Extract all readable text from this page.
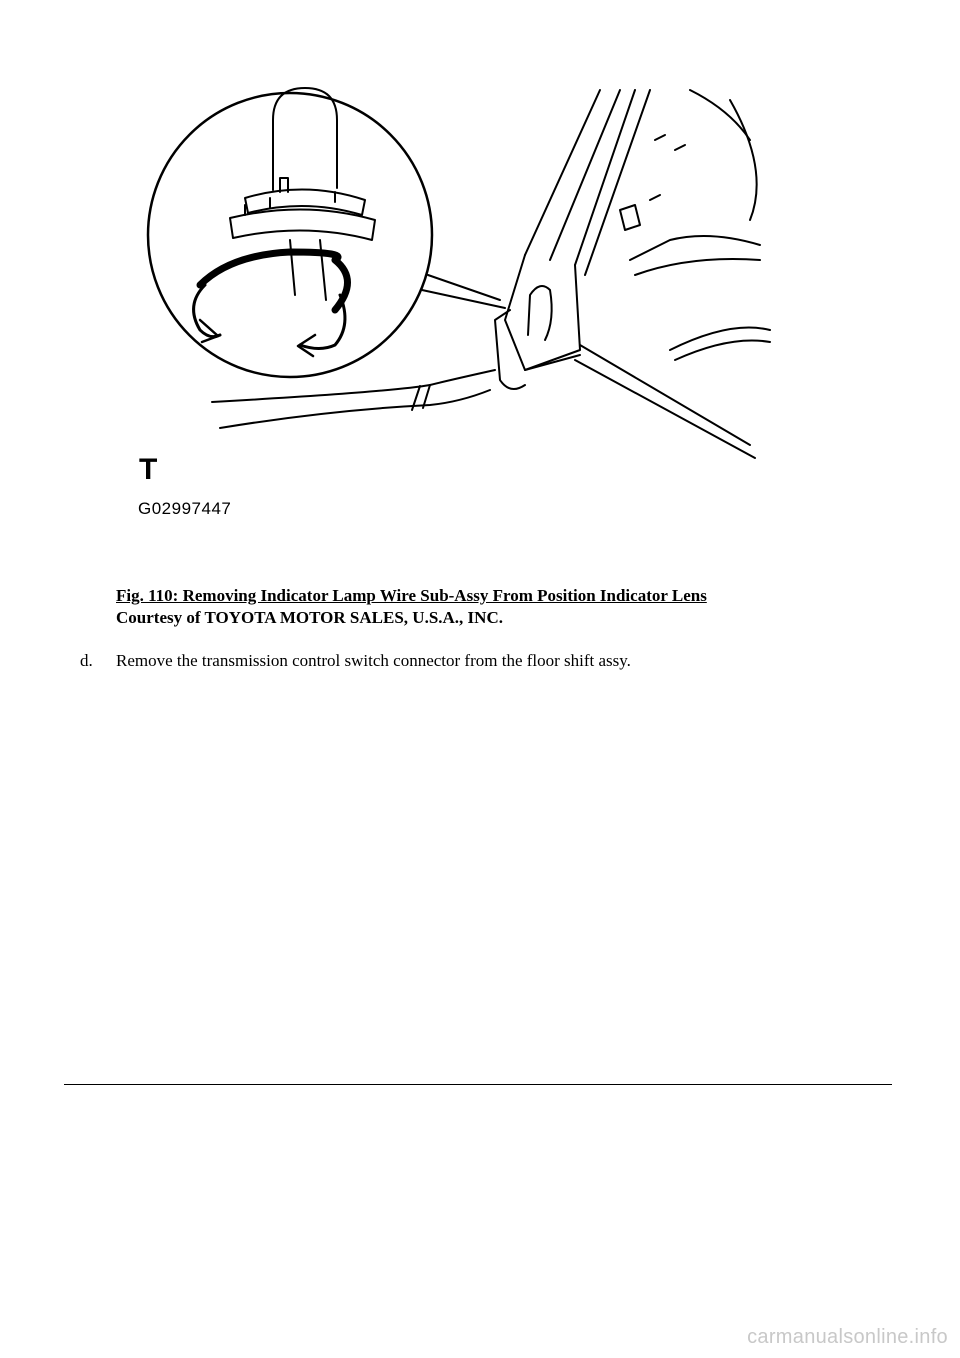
T
G02997447
Fig. 110: Removing Indicator Lamp Wire Sub-Assy From Position Indicator Lens
Courtesy of TOYOTA MOTOR SALES, U.S.A., INC.
d. Remove the transmission control switch connector from the floor shift assy.
carmanualsonline.info
